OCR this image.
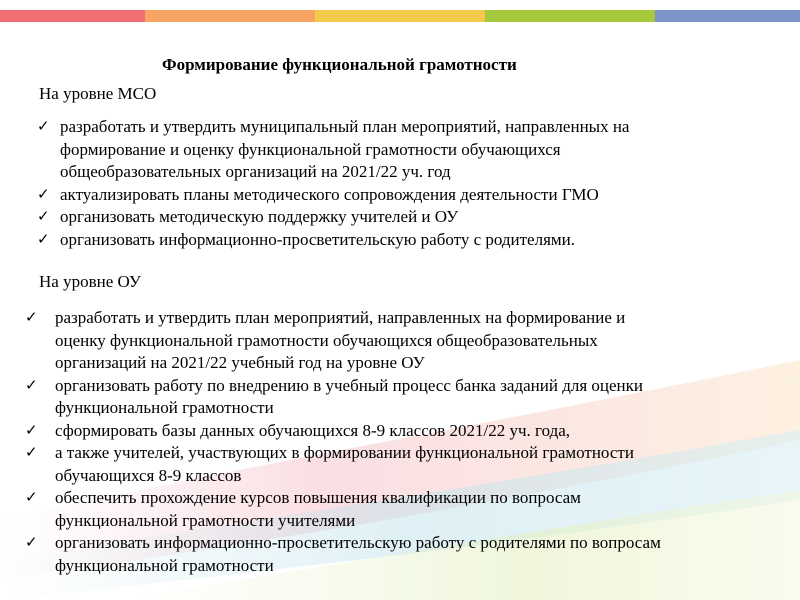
Формирование функциональной грамотности
На уровне МСО
✓ разработать и утвердить муниципальный план мероприятий, направленных на
формирование и оценку функциональной грамотности обучающихся
общеобразовательных организаций на 2021/22 уч. год
✓ актуализировать планы методического сопровождения деятельности ГМО
✓ организовать методическую поддержку учителей и ОУ
✓ организовать информационно-просветительскую работу с родителями.
На уровне ОУ
✓ разработать и утвердить план мероприятий, направленных на формирование и
оценку функциональной грамотности обучающихся общеобразовательных
организаций на 2021/22 учебный год на уровне ОУ
✓ организовать работу по внедрению в учебный процесс банка заданий для оценки
функциональной грамотности
✓ сформировать базы данных обучающихся 8-9 классов 2021/22 уч. года,
✓ а также учителей, участвующих в формировании функциональной грамотности
обучающихся 8-9 классов
✓ обеспечить прохождение курсов повышения квалификации по вопросам
функциональной грамотности учителями
✓ организовать информационно-просветительскую работу с родителями по вопросам
функциональной грамотности
